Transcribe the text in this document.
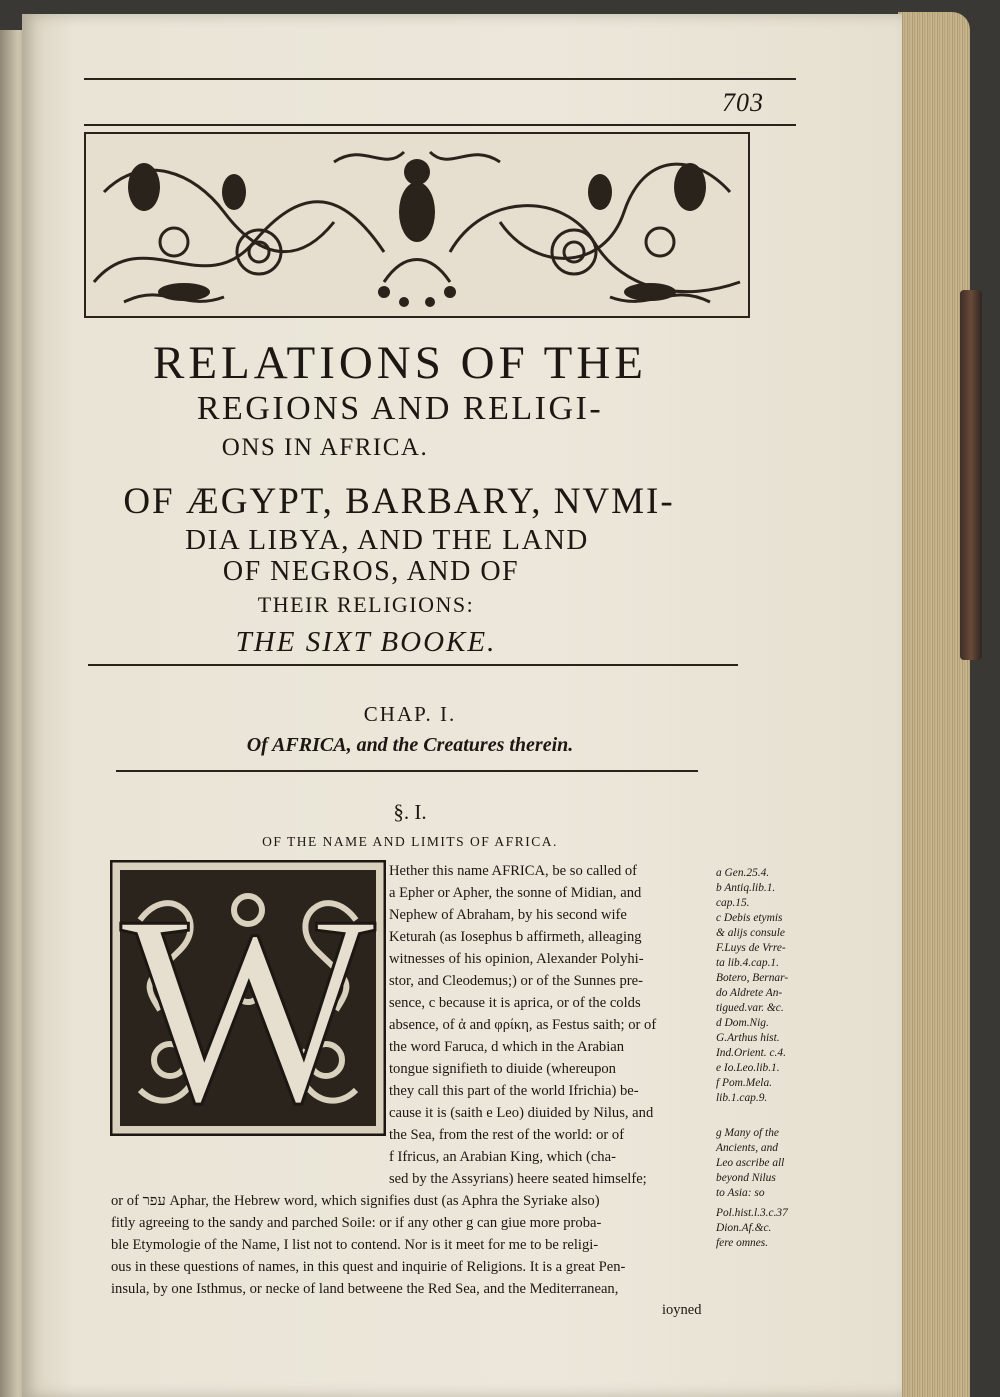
703
RELATIONS OF THE
REGIONS AND RELIGI-
ONS IN AFRICA.
OF ÆGYPT, BARBARY, NVMI-
DIA LIBYA, AND THE LAND
OF NEGROS, AND OF
THEIR RELIGIONS:
THE SIXT BOOKE.
CHAP. I.
Of AFRICA, and the Creatures therein.
§. I.
OF THE NAME AND LIMITS OF AFRICA.
W Hether this name AFRICA, be so called of
a Epher or Apher, the sonne of Midian, and
Nephew of Abraham, by his second wife
Keturah (as Iosephus b affirmeth, alleaging
witnesses of his opinion, Alexander Polyhi-
stor, and Cleodemus;) or of the Sunnes pre-
sence, c because it is aprica, or of the colds
absence, of ἀ and φρίκη, as Festus saith; or of
the word Faruca, d which in the Arabian
tongue signifieth to diuide (whereupon
they call this part of the world Ifrichia) be-
cause it is (saith e Leo) diuided by Nilus, and
the Sea, from the rest of the world: or of
f Ifricus, an Arabian King, which (cha-
sed by the Assyrians) heere seated himselfe;
or of עפר Aphar, the Hebrew word, which signifies dust (as Aphra the Syriake also)
fitly agreeing to the sandy and parched Soile: or if any other g can giue more proba-
ble Etymologie of the Name, I list not to contend. Nor is it meet for me to be religi-
ous in these questions of names, in this quest and inquirie of Religions. It is a great Pen-
insula, by one Isthmus, or necke of land betweene the Red Sea, and the Mediterranean,
ioyned
a Gen.25.4.
b Antiq.lib.1.
cap.15.
c Debis etymis
& alijs consule
F.Luys de Vrre-
ta lib.4.cap.1.
Botero, Bernar-
do Aldrete An-
tigued.var. &c.
d Dom.Nig.
G.Arthus hist.
Ind.Orient. c.4.
e Io.Leo.lib.1.
f Pom.Mela.
lib.1.cap.9.
g Many of the
Ancients, and
Leo ascribe all
beyond Nilus
to Asia: so
Pol.hist.l.3.c.37
Dion.Af.&c.
fere omnes.
